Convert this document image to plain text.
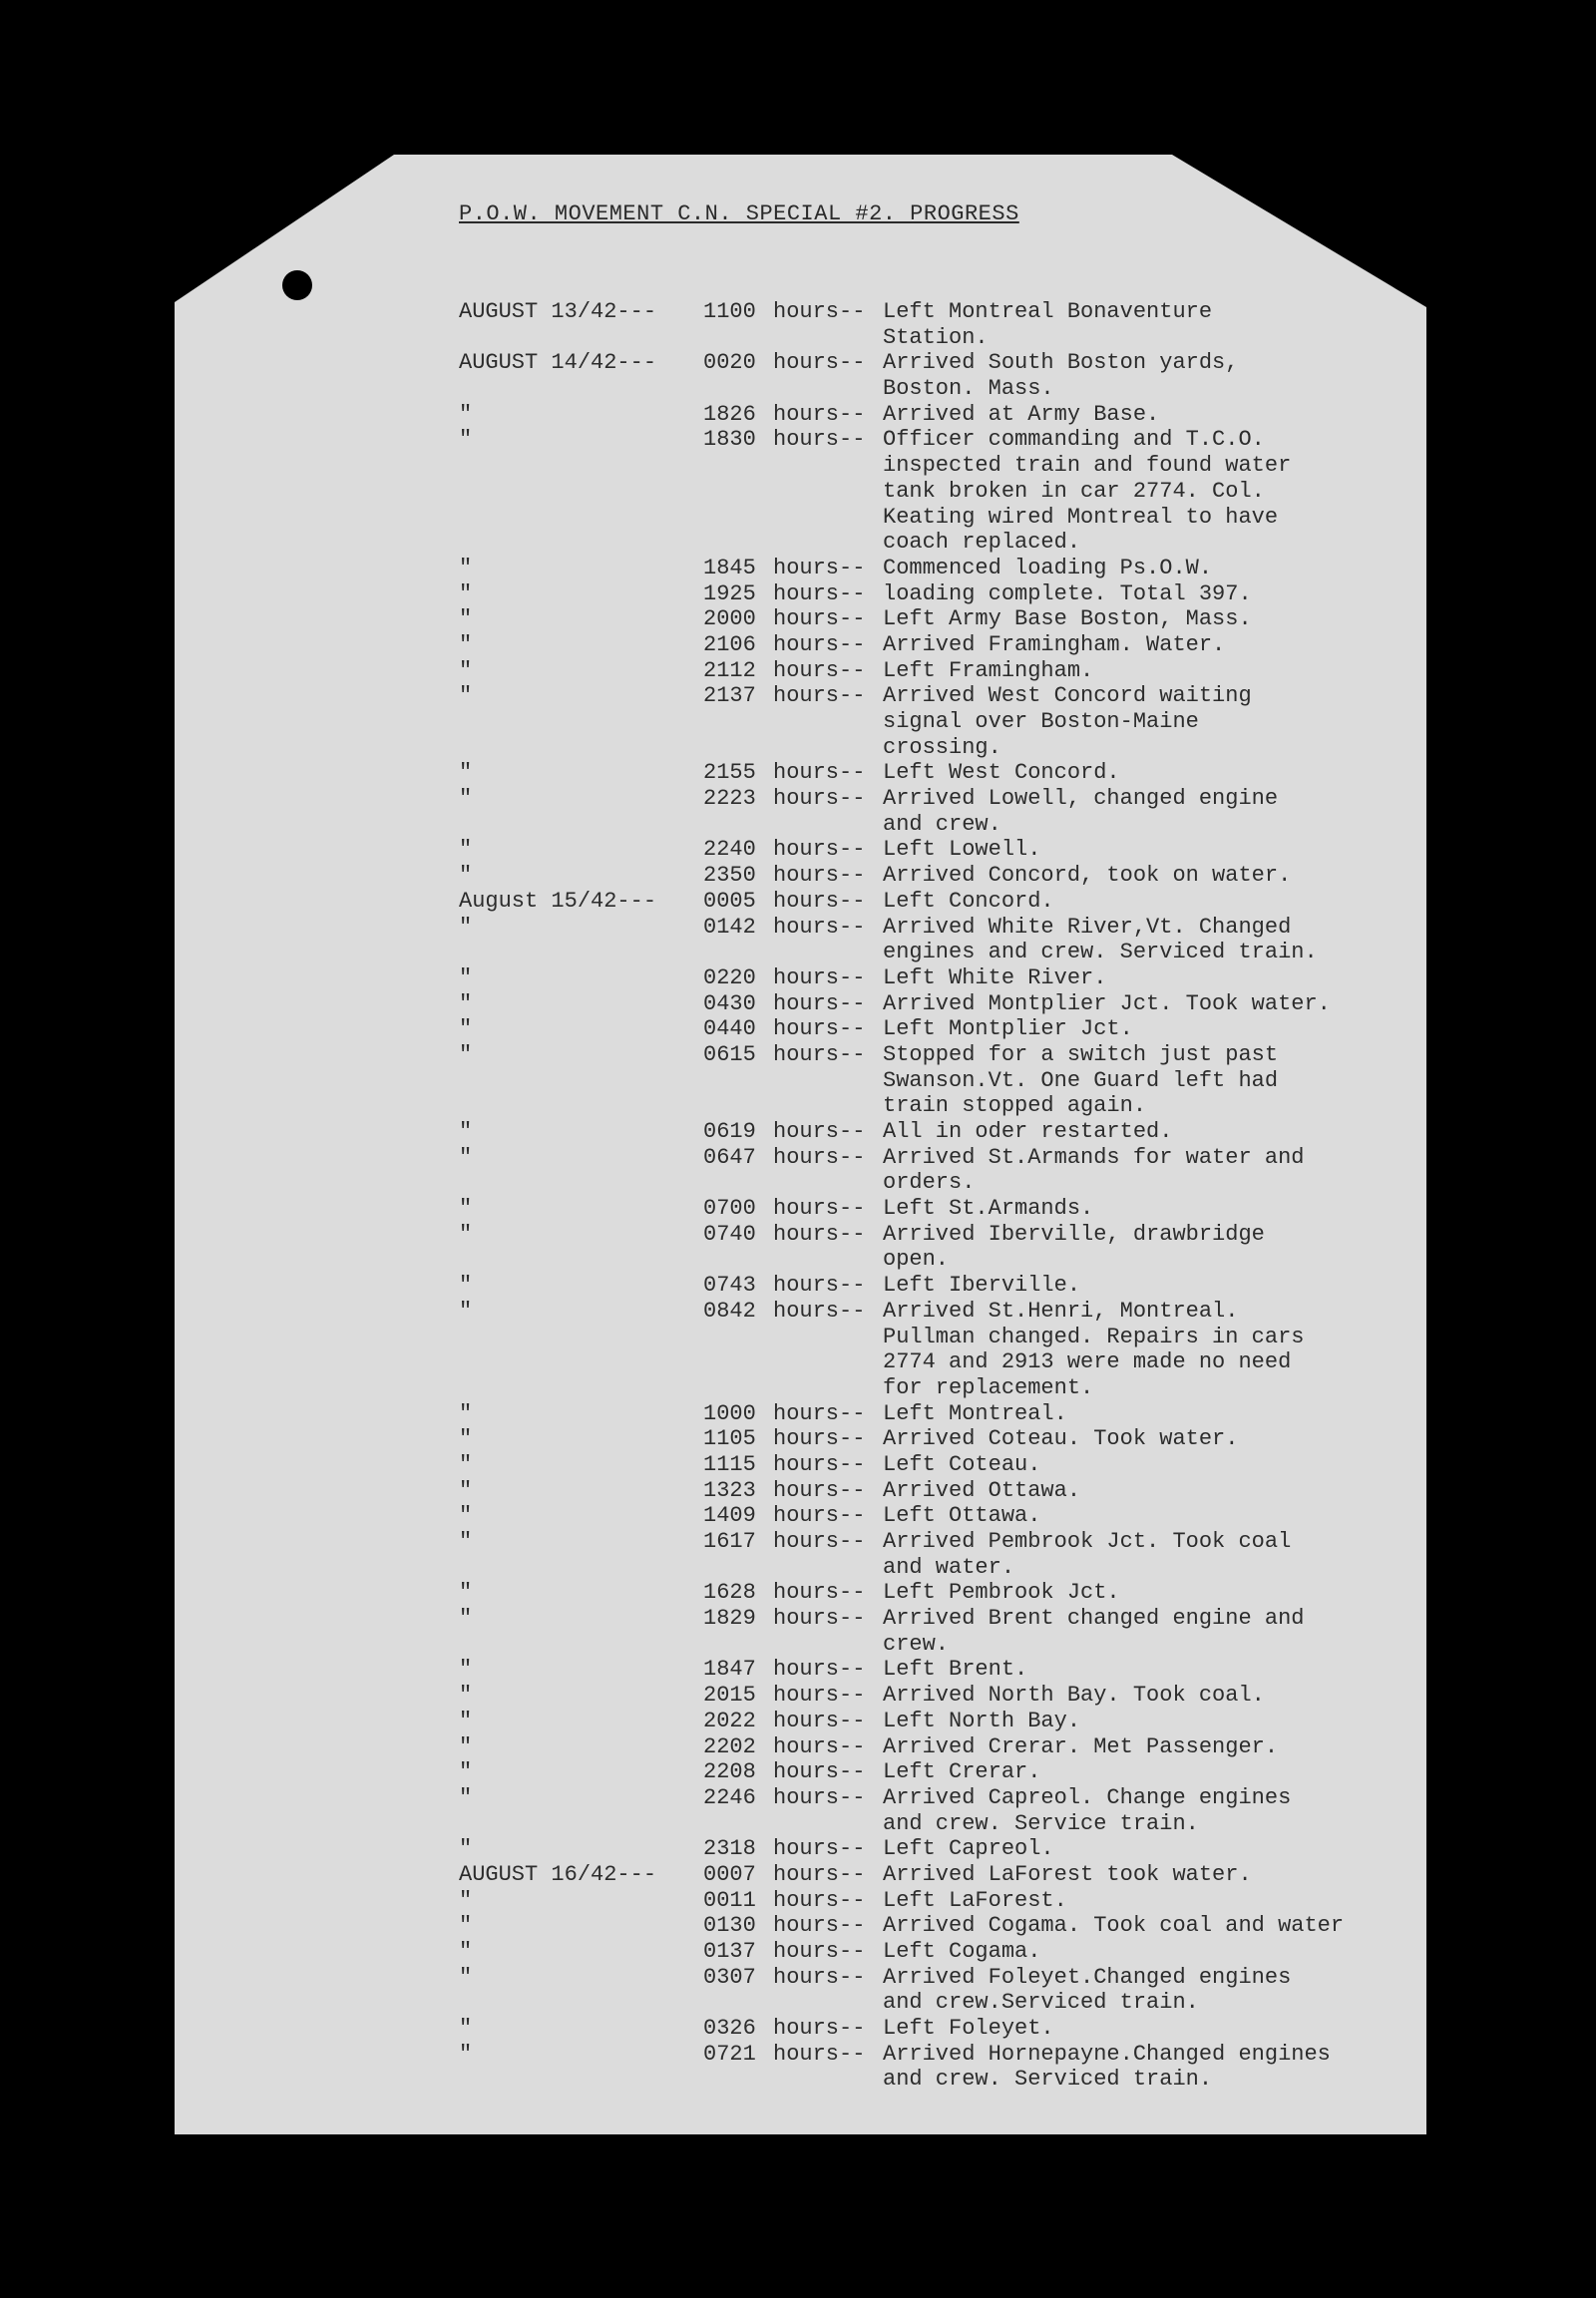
P.O.W. MOVEMENT C.N. SPECIAL #2. PROGRESS
AUGUST 13/42--- 1100 hours-- Left Montreal Bonaventure
Station.
AUGUST 14/42--- 0020 hours-- Arrived South Boston yards,
Boston. Mass.
"	1826 hours-- Arrived at Army Base.
"	1830 hours-- Officer commanding and T.C.O.
inspected train and found water
tank broken in car 2774. Col.
Keating wired Montreal to have
coach replaced.
"	1845 hours-- Commenced loading Ps.O.W.
"	1925 hours-- loading complete. Total 397.
"	2000 hours-- Left Army Base Boston, Mass.
"	2106 hours-- Arrived Framingham. Water.
"	2112 hours-- Left Framingham.
"	2137 hours-- Arrived West Concord waiting
signal over Boston-Maine
crossing.
"	2155 hours-- Left West Concord.
"	2223 hours-- Arrived Lowell, changed engine
and crew.
"	2240 hours-- Left Lowell.
"	2350 hours-- Arrived Concord, took on water.
August 15/42--- 0005 hours-- Left Concord.
"	0142 hours-- Arrived White River,Vt. Changed
engines and crew. Serviced train.
"	0220 hours-- Left White River.
"	0430 hours-- Arrived Montplier Jct. Took water.
"	0440 hours-- Left Montplier Jct.
"	0615 hours-- Stopped for a switch just past
Swanson.Vt. One Guard left had
train stopped again.
"	0619 hours-- All in oder restarted.
"	0647 hours-- Arrived St.Armands for water and
orders.
"	0700 hours-- Left St.Armands.
"	0740 hours-- Arrived Iberville, drawbridge
open.
"	0743 hours-- Left Iberville.
"	0842 hours-- Arrived St.Henri, Montreal.
Pullman changed. Repairs in cars
2774 and 2913 were made no need
for replacement.
"	1000 hours-- Left Montreal.
"	1105 hours-- Arrived Coteau. Took water.
"	1115 hours-- Left Coteau.
"	1323 hours-- Arrived Ottawa.
"	1409 hours-- Left Ottawa.
"	1617 hours-- Arrived Pembrook Jct. Took coal
and water.
"	1628 hours-- Left Pembrook Jct.
"	1829 hours-- Arrived Brent changed engine and
crew.
"	1847 hours-- Left Brent.
"	2015 hours-- Arrived North Bay. Took coal.
"	2022 hours-- Left North Bay.
"	2202 hours-- Arrived Crerar. Met Passenger.
"	2208 hours-- Left Crerar.
"	2246 hours-- Arrived Capreol. Change engines
and crew. Service train.
"	2318 hours-- Left Capreol.
AUGUST 16/42--- 0007 hours-- Arrived LaForest took water.
"	0011 hours-- Left LaForest.
"	0130 hours-- Arrived Cogama. Took coal and water
"	0137 hours-- Left Cogama.
"	0307 hours-- Arrived Foleyet.Changed engines
and crew.Serviced train.
"	0326 hours-- Left Foleyet.
"	0721 hours-- Arrived Hornepayne.Changed engines
and crew. Serviced train.
